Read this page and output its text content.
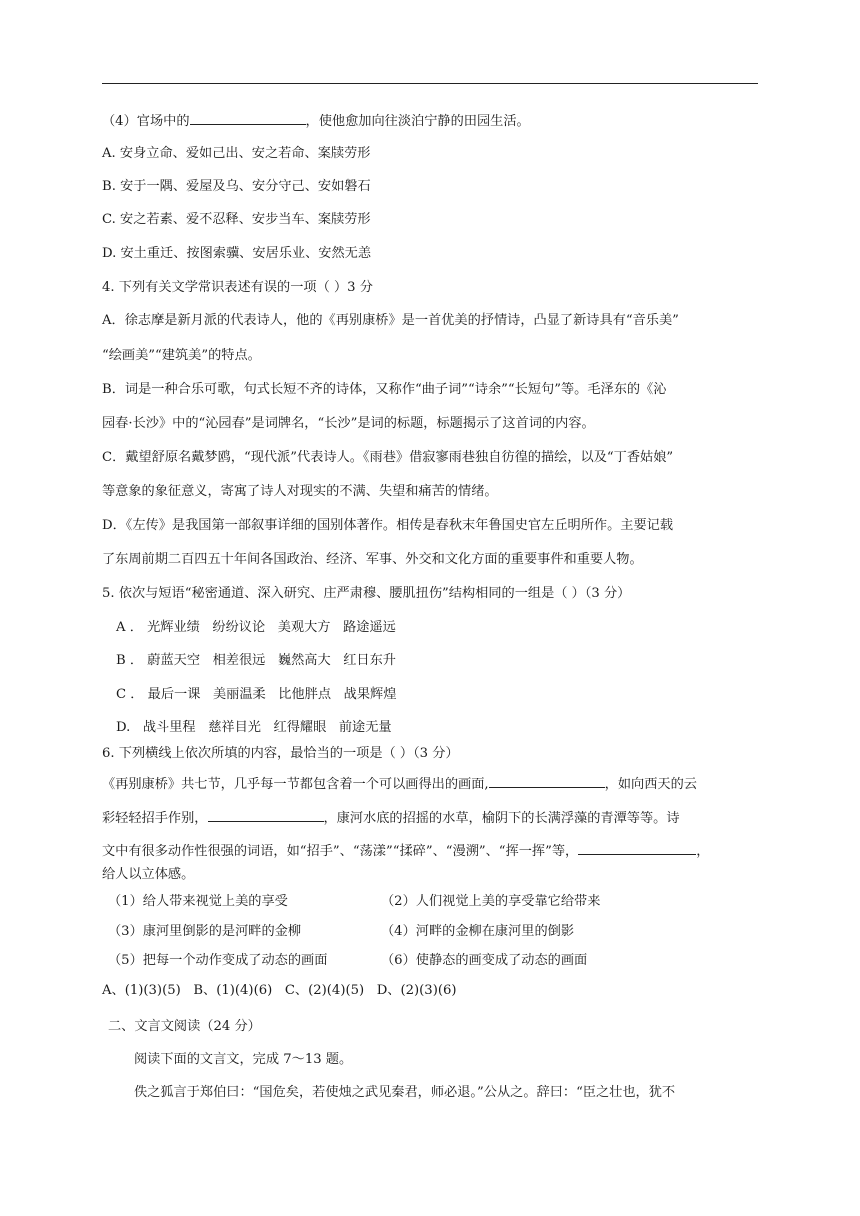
（4）官场中的	，使他愈加向往淡泊宁静的田园生活。
A. 安身立命、爱如己出、安之若命、案牍劳形
B. 安于一隅、爱屋及乌、安分守己、安如磐石
C. 安之若素、爱不忍释、安步当车、案牍劳形
D. 安土重迁、按图索骥、安居乐业、安然无恙
4. 下列有关文学常识表述有误的一项（ ）3 分
A．徐志摩是新月派的代表诗人，他的《再别康桥》是一首优美的抒情诗，凸显了新诗具有“音乐美”
“绘画美”“建筑美”的特点。
B．词是一种合乐可歌，句式长短不齐的诗体，又称作“曲子词”“诗余”“长短句”等。毛泽东的《沁
园春·长沙》中的“沁园春”是词牌名，“长沙”是词的标题，标题揭示了这首词的内容。
C．戴望舒原名戴梦鸥，“现代派”代表诗人。《雨巷》借寂寥雨巷独自彷徨的描绘，以及“丁香姑娘”
等意象的象征意义，寄寓了诗人对现实的不满、失望和痛苦的情绪。
D．《左传》是我国第一部叙事详细的国别体著作。相传是春秋末年鲁国史官左丘明所作。主要记载
了东周前期二百四五十年间各国政治、经济、军事、外交和文化方面的重要事件和重要人物。
5. 依次与短语“秘密通道、深入研究、庄严肃穆、腰肌扭伤”结构相同的一组是（ ）（3 分）
A ． 光辉业绩   纷纷议论   美观大方   路途遥远
B ． 蔚蓝天空   相差很远   巍然高大   红日东升
C ． 最后一课   美丽温柔   比他胖点   战果辉煌
D.   战斗里程   慈祥目光   红得耀眼   前途无量
6. 下列横线上依次所填的内容，最恰当的一项是（ ）（3 分）
《再别康桥》共七节，几乎每一节都包含着一个可以画得出的画面,	，如向西天的云
彩轻轻招手作别，	，康河水底的招摇的水草，榆阴下的长满浮藻的青潭等等。诗
文中有很多动作性很强的词语，如“招手”、“荡漾”“揉碎”、“漫溯”、“挥一挥”等，	，
给人以立体感。
（1）给人带来视觉上美的享受	（2）人们视觉上美的享受靠它给带来
（3）康河里倒影的是河畔的金柳	（4）河畔的金柳在康河里的倒影
（5）把每一个动作变成了动态的画面	（6）使静态的画变成了动态的画面
A、(1)(3)(5)   B、(1)(4)(6)   C、(2)(4)(5)   D、(2)(3)(6)
二、文言文阅读（24 分）
阅读下面的文言文，完成 7～13 题。
佚之狐言于郑伯曰：“国危矣，若使烛之武见秦君，师必退。”公从之。辞曰：“臣之壮也，犹不
